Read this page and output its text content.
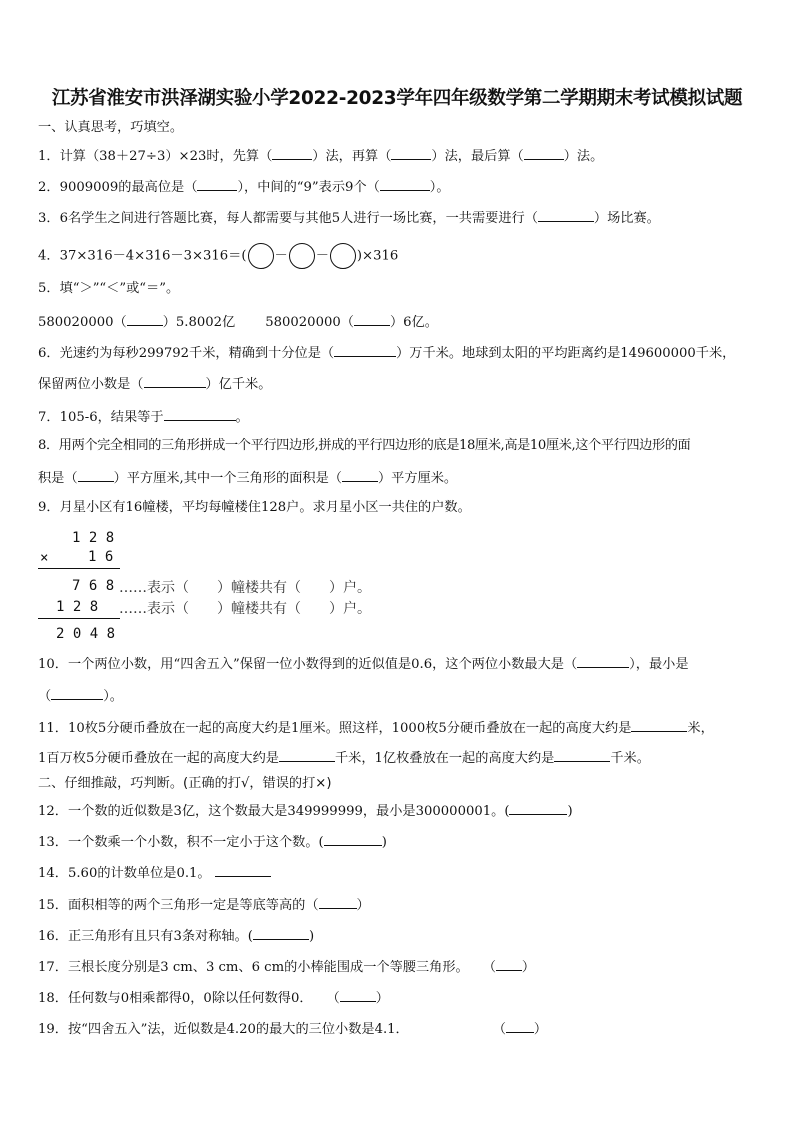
江苏省淮安市洪泽湖实验小学2022-2023学年四年级数学第二学期期末考试模拟试题
一、认真思考，巧填空。
1．计算（38＋27÷3）×23时，先算（	）法，再算（	）法，最后算（	）法。
2．9009009的最高位是（	），中间的“9”表示9个（	）。
3．6名学生之间进行答题比赛，每人都需要与其他5人进行一场比赛，一共需要进行（	）场比赛。
4．37×316－4×316－3×316＝( － － )×316
5．填“＞”“＜”或“＝”。
580020000（	）5.8002亿 580020000（	）6亿。
6．光速约为每秒299792千米，精确到十分位是（	）万千米。地球到太阳的平均距离约是149600000千米，
保留两位小数是（	）亿千米。
7．105-6，结果等于	。
8．用两个完全相同的三角形拼成一个平行四边形,拼成的平行四边形的底是18厘米,高是10厘米,这个平行四边形的面
积是（	）平方厘米,其中一个三角形的面积是（	）平方厘米。
9．月星小区有16幢楼，平均每幢楼住128户。求月星小区一共住的户数。
1 2 8
×	1 6
7 6 8 ……表示（　　）幢楼共有（　　）户。
1 2 8 ……表示（　　）幢楼共有（　　）户。
2 0 4 8
10．一个两位小数，用“四舍五入”保留一位小数得到的近似值是0.6，这个两位小数最大是（	），最小是
（	）。
11．10枚5分硬币叠放在一起的高度大约是1厘米。照这样，1000枚5分硬币叠放在一起的高度大约是	米，
1百万枚5分硬币叠放在一起的高度大约是	千米，1亿枚叠放在一起的高度大约是	千米。
二、仔细推敲，巧判断。(正确的打√，错误的打×)
12．一个数的近似数是3亿，这个数最大是349999999，最小是300000001。(	)
13．一个数乘一个小数，积不一定小于这个数。(	)
14．5.60的计数单位是0.1。
15．面积相等的两个三角形一定是等底等高的（	）
16．正三角形有且只有3条对称轴。(	)
17．三根长度分别是3 cm、3 cm、6 cm的小棒能围成一个等腰三角形。 （ ）
18．任何数与0相乘都得0，0除以任何数得0． （	）
19．按“四舍五入”法，近似数是4.20的最大的三位小数是4.1．	（ ）
